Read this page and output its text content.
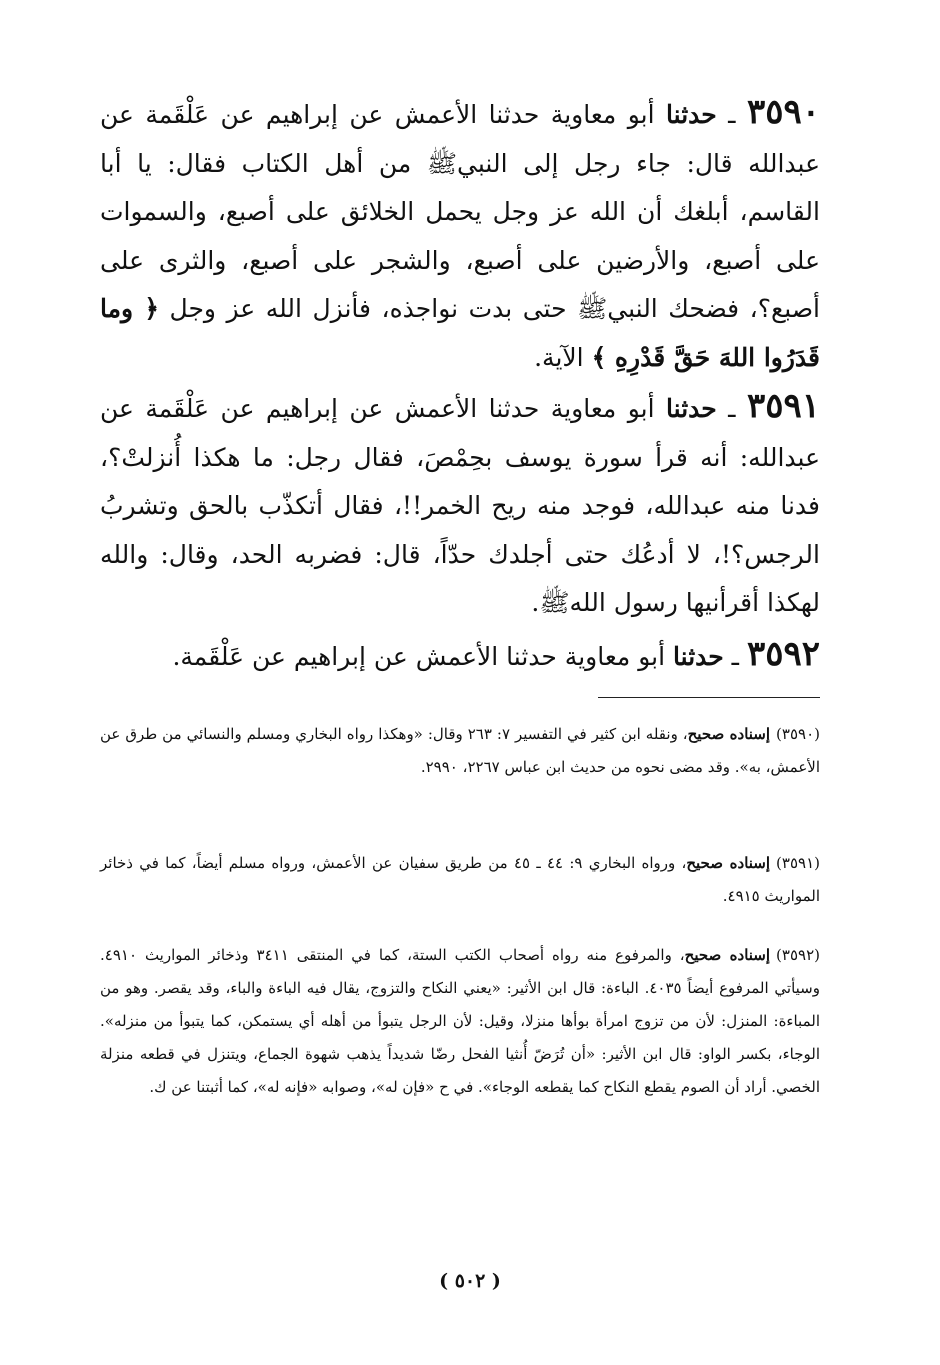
٣٥٩٠ ـ حدثنا أبو معاوية حدثنا الأعمش عن إبراهيم عن عَلْقَمة عن عبدالله قال: جاء رجل إلى النبيﷺ من أهل الكتاب فقال: يا أبا القاسم، أبلغك أن الله عز وجل يحمل الخلائق على أصبع، والسموات على أصبع، والأرضين على أصبع، والشجر على أصبع، والثرى على أصبع؟، فضحك النبيﷺ حتى بدت نواجذه، فأنزل الله عز وجل ﴿ وما قَدَرُوا اللهَ حَقَّ قَدْرِهِ ﴾ الآية.
٣٥٩١ ـ حدثنا أبو معاوية حدثنا الأعمش عن إبراهيم عن عَلْقَمة عن عبدالله: أنه قرأ سورة يوسف بحِمْصَ، فقال رجل: ما هكذا أُنزلتْ؟، فدنا منه عبدالله، فوجد منه ريح الخمر!!، فقال أتكذّب بالحق وتشربُ الرجس؟!، لا أدعُك حتى أجلدك حدّاً، قال: فضربه الحد، وقال: والله لهكذا أقرأنيها رسول اللهﷺ.
٣٥٩٢ ـ حدثنا أبو معاوية حدثنا الأعمش عن إبراهيم عن عَلْقَمة.
(٣٥٩٠)إسناده صحيح، ونقله ابن كثير في التفسير ٧: ٢٦٣ وقال: «وهكذا رواه البخاري ومسلم والنسائي من طرق عن الأعمش، به». وقد مضى نحوه من حديث ابن عباس ٢٢٦٧، ٢٩٩٠.
(٣٥٩١)إسناده صحيح، ورواه البخاري ٩: ٤٤ ـ ٤٥ من طريق سفيان عن الأعمش، ورواه مسلم أيضاً، كما في ذخائر المواريث ٤٩١٥.
(٣٥٩٢)إسناده صحيح، والمرفوع منه رواه أصحاب الكتب الستة، كما في المنتقى ٣٤١١ وذخائر المواريث ٤٩١٠. وسيأتي المرفوع أيضاً ٤٠٣٥. الباءة: قال ابن الأثير: «يعني النكاح والتزوج، يقال فيه الباءة والباء، وقد يقصر. وهو من المباءة: المنزل: لأن من تزوج امرأة بوأها منزلا، وقيل: لأن الرجل يتبوأ من أهله أي يستمكن، كما يتبوأ من منزله». الوجاء، بكسر الواو: قال ابن الأثير: «أن تُرَضّ أُنثيا الفحل رضّا شديداً يذهب شهوة الجماع، ويتنزل في قطعه منزلة الخصي. أراد أن الصوم يقطع النكاح كما يقطعه الوجاء». في ح «فإن له»، وصوابه «فإنه له»، كما أثبتنا عن ك.
( ٥٠٢ )
